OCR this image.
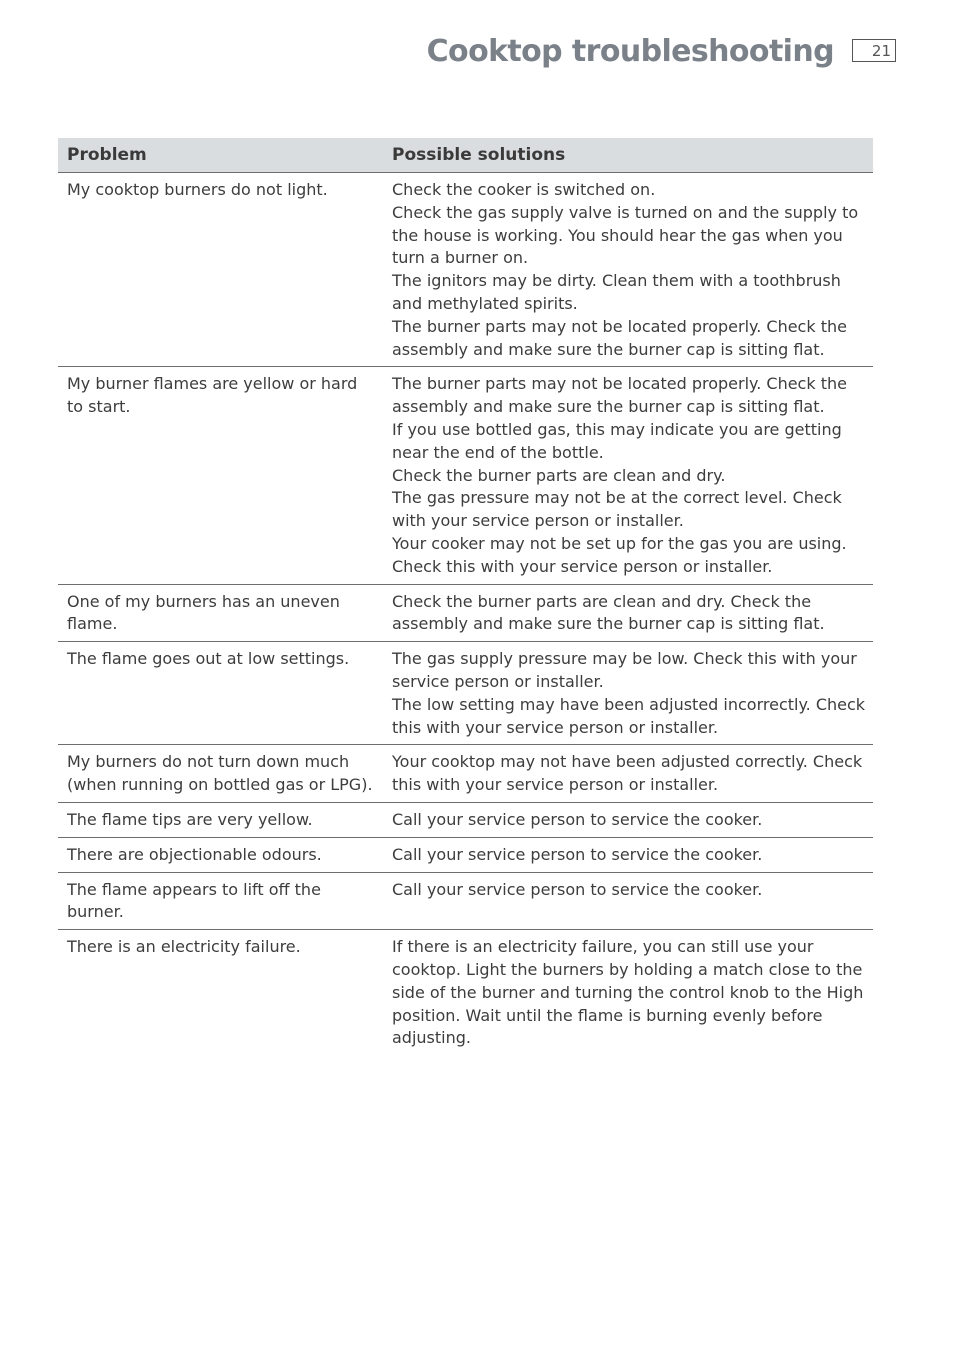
Cooktop troubleshooting	21
Problem	Possible solutions
My cooktop burners do not light.	Check the cooker is switched on.
Check the gas supply valve is turned on and the supply to the house is working. You should hear the gas when you turn a burner on.
The ignitors may be dirty. Clean them with a toothbrush and methylated spirits.
The burner parts may not be located properly. Check the assembly and make sure the burner cap is sitting flat.

My burner flames are yellow or hard to start.	The burner parts may not be located properly. Check the assembly and make sure the burner cap is sitting flat.
If you use bottled gas, this may indicate you are getting near the end of the bottle.
Check the burner parts are clean and dry.
The gas pressure may not be at the correct level. Check with your service person or installer.
Your cooker may not be set up for the gas you are using. Check this with your service person or installer.

One of my burners has an uneven flame.	Check the burner parts are clean and dry. Check the assembly and make sure the burner cap is sitting flat.

The flame goes out at low settings.	The gas supply pressure may be low. Check this with your service person or installer.
The low setting may have been adjusted incorrectly. Check this with your service person or installer.

My burners do not turn down much (when running on bottled gas or LPG).	Your cooktop may not have been adjusted correctly. Check this with your service person or installer.

The flame tips are very yellow.	Call your service person to service the cooker.

There are objectionable odours.	Call your service person to service the cooker.

The flame appears to lift off the burner.	Call your service person to service the cooker.

There is an electricity failure.	If there is an electricity failure, you can still use your cooktop. Light the burners by holding a match close to the side of the burner and turning the control knob to the High position. Wait until the flame is burning evenly before adjusting.
